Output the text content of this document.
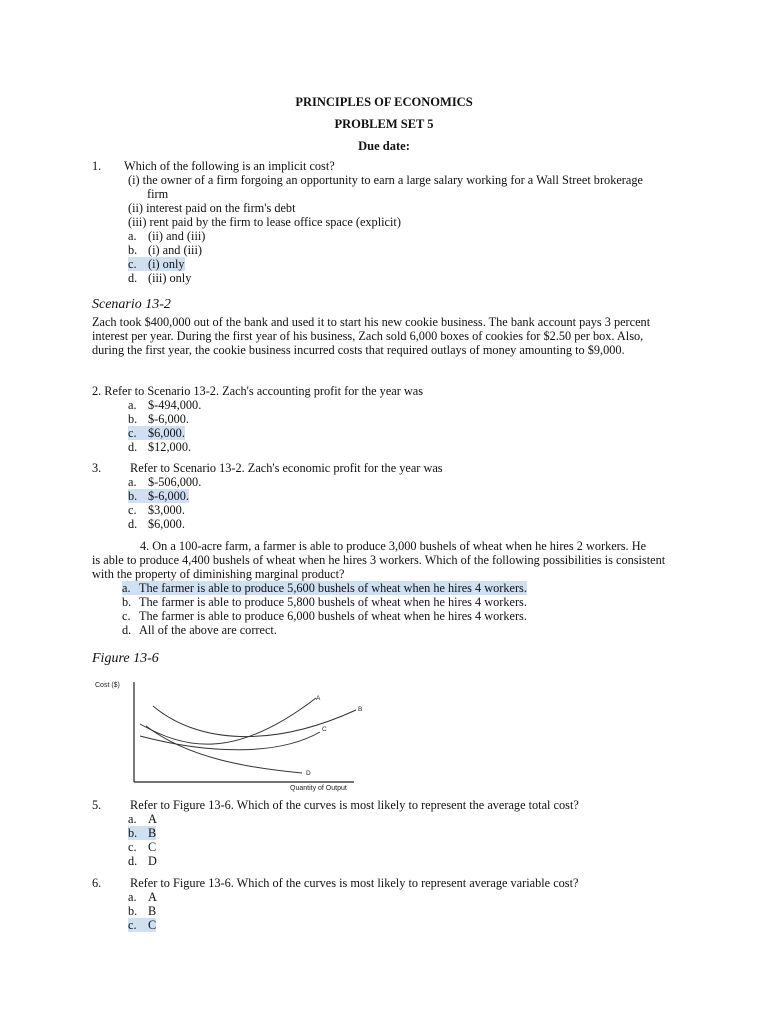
PRINCIPLES OF ECONOMICS
PROBLEM SET 5
Due date:
1. Which of the following is an implicit cost?
(i) the owner of a firm forgoing an opportunity to earn a large salary working for a Wall Street brokerage
firm
(ii) interest paid on the firm's debt
(iii) rent paid by the firm to lease office space (explicit)
a. (ii) and (iii)
b. (i) and (iii)
c. (i) only
d. (iii) only
Scenario 13-2
Zach took $400,000 out of the bank and used it to start his new cookie business. The bank account pays 3 percent interest per year. During the first year of his business, Zach sold 6,000 boxes of cookies for $2.50 per box. Also, during the first year, the cookie business incurred costs that required outlays of money amounting to $9,000.
2. Refer to Scenario 13-2. Zach's accounting profit for the year was
a. $-494,000.
b. $-6,000.
c. $6,000.
d. $12,000.
3. Refer to Scenario 13-2. Zach's economic profit for the year was
a. $-506,000.
b. $-6,000.
c. $3,000.
d. $6,000.
4. On a 100-acre farm, a farmer is able to produce 3,000 bushels of wheat when he hires 2 workers. He
is able to produce 4,400 bushels of wheat when he hires 3 workers. Which of the following possibilities is consistent with the property of diminishing marginal product?
a. The farmer is able to produce 5,600 bushels of wheat when he hires 4 workers.
b. The farmer is able to produce 5,800 bushels of wheat when he hires 4 workers.
c. The farmer is able to produce 6,000 bushels of wheat when he hires 4 workers.
d. All of the above are correct.
Figure 13-6
Cost ($)
A
B
C
D
Quantity of Output
5. Refer to Figure 13-6. Which of the curves is most likely to represent the average total cost?
a. A
b. B
c. C
d. D
6. Refer to Figure 13-6. Which of the curves is most likely to represent average variable cost?
a. A
b. B
c. C
